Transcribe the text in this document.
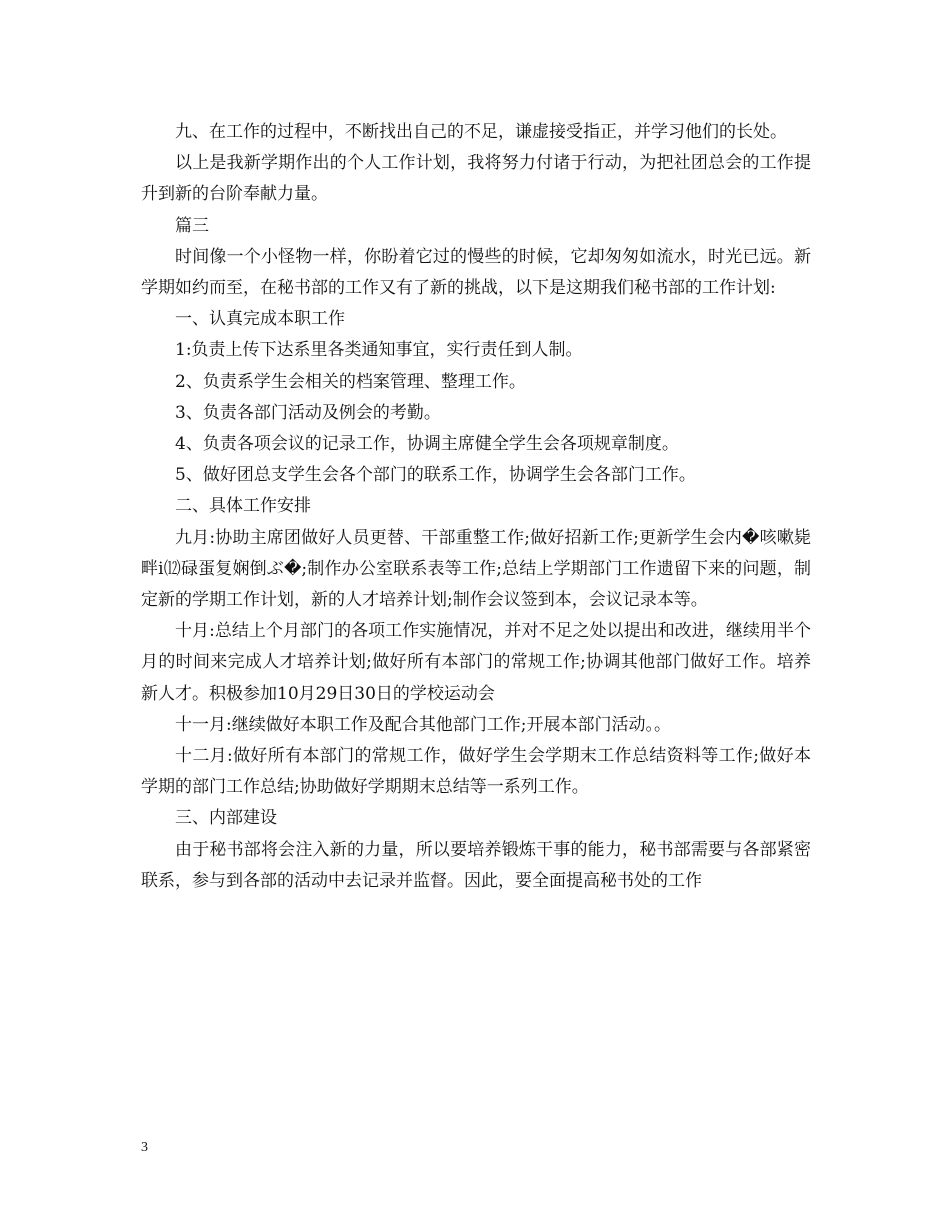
九、在工作的过程中，不断找出自己的不足，谦虚接受指正，并学习他们的长处。

以上是我新学期作出的个人工作计划，我将努力付诸于行动，为把社团总会的工作提升到新的台阶奉献力量。

篇三

时间像一个小怪物一样，你盼着它过的慢些的时候，它却匆匆如流水，时光已远。新学期如约而至，在秘书部的工作又有了新的挑战，以下是这期我们秘书部的工作计划:

一、认真完成本职工作

1:负责上传下达系里各类通知事宜，实行责任到人制。

2、负责系学生会相关的档案管理、整理工作。

3、负责各部门活动及例会的考勤。

4、负责各项会议的记录工作，协调主席健全学生会各项规章制度。

5、做好团总支学生会各个部门的联系工作，协调学生会各部门工作。

二、具体工作安排

九月:协助主席团做好人员更替、干部重整工作;做好招新工作;更新学生会内�咳嗽毙畔ⅰ⑿碌蛋复娴倒ぶ�;制作办公室联系表等工作;总结上学期部门工作遗留下来的问题，制定新的学期工作计划，新的人才培养计划;制作会议签到本，会议记录本等。

十月:总结上个月部门的各项工作实施情况，并对不足之处以提出和改进，继续用半个月的时间来完成人才培养计划;做好所有本部门的常规工作;协调其他部门做好工作。培养新人才。积极参加10月29日30日的学校运动会

十一月:继续做好本职工作及配合其他部门工作;开展本部门活动。。

十二月:做好所有本部门的常规工作，做好学生会学期末工作总结资料等工作;做好本学期的部门工作总结;协助做好学期期末总结等一系列工作。

三、内部建设

由于秘书部将会注入新的力量，所以要培养锻炼干事的能力，秘书部需要与各部紧密联系，参与到各部的活动中去记录并监督。因此，要全面提高秘书处的工作

3
